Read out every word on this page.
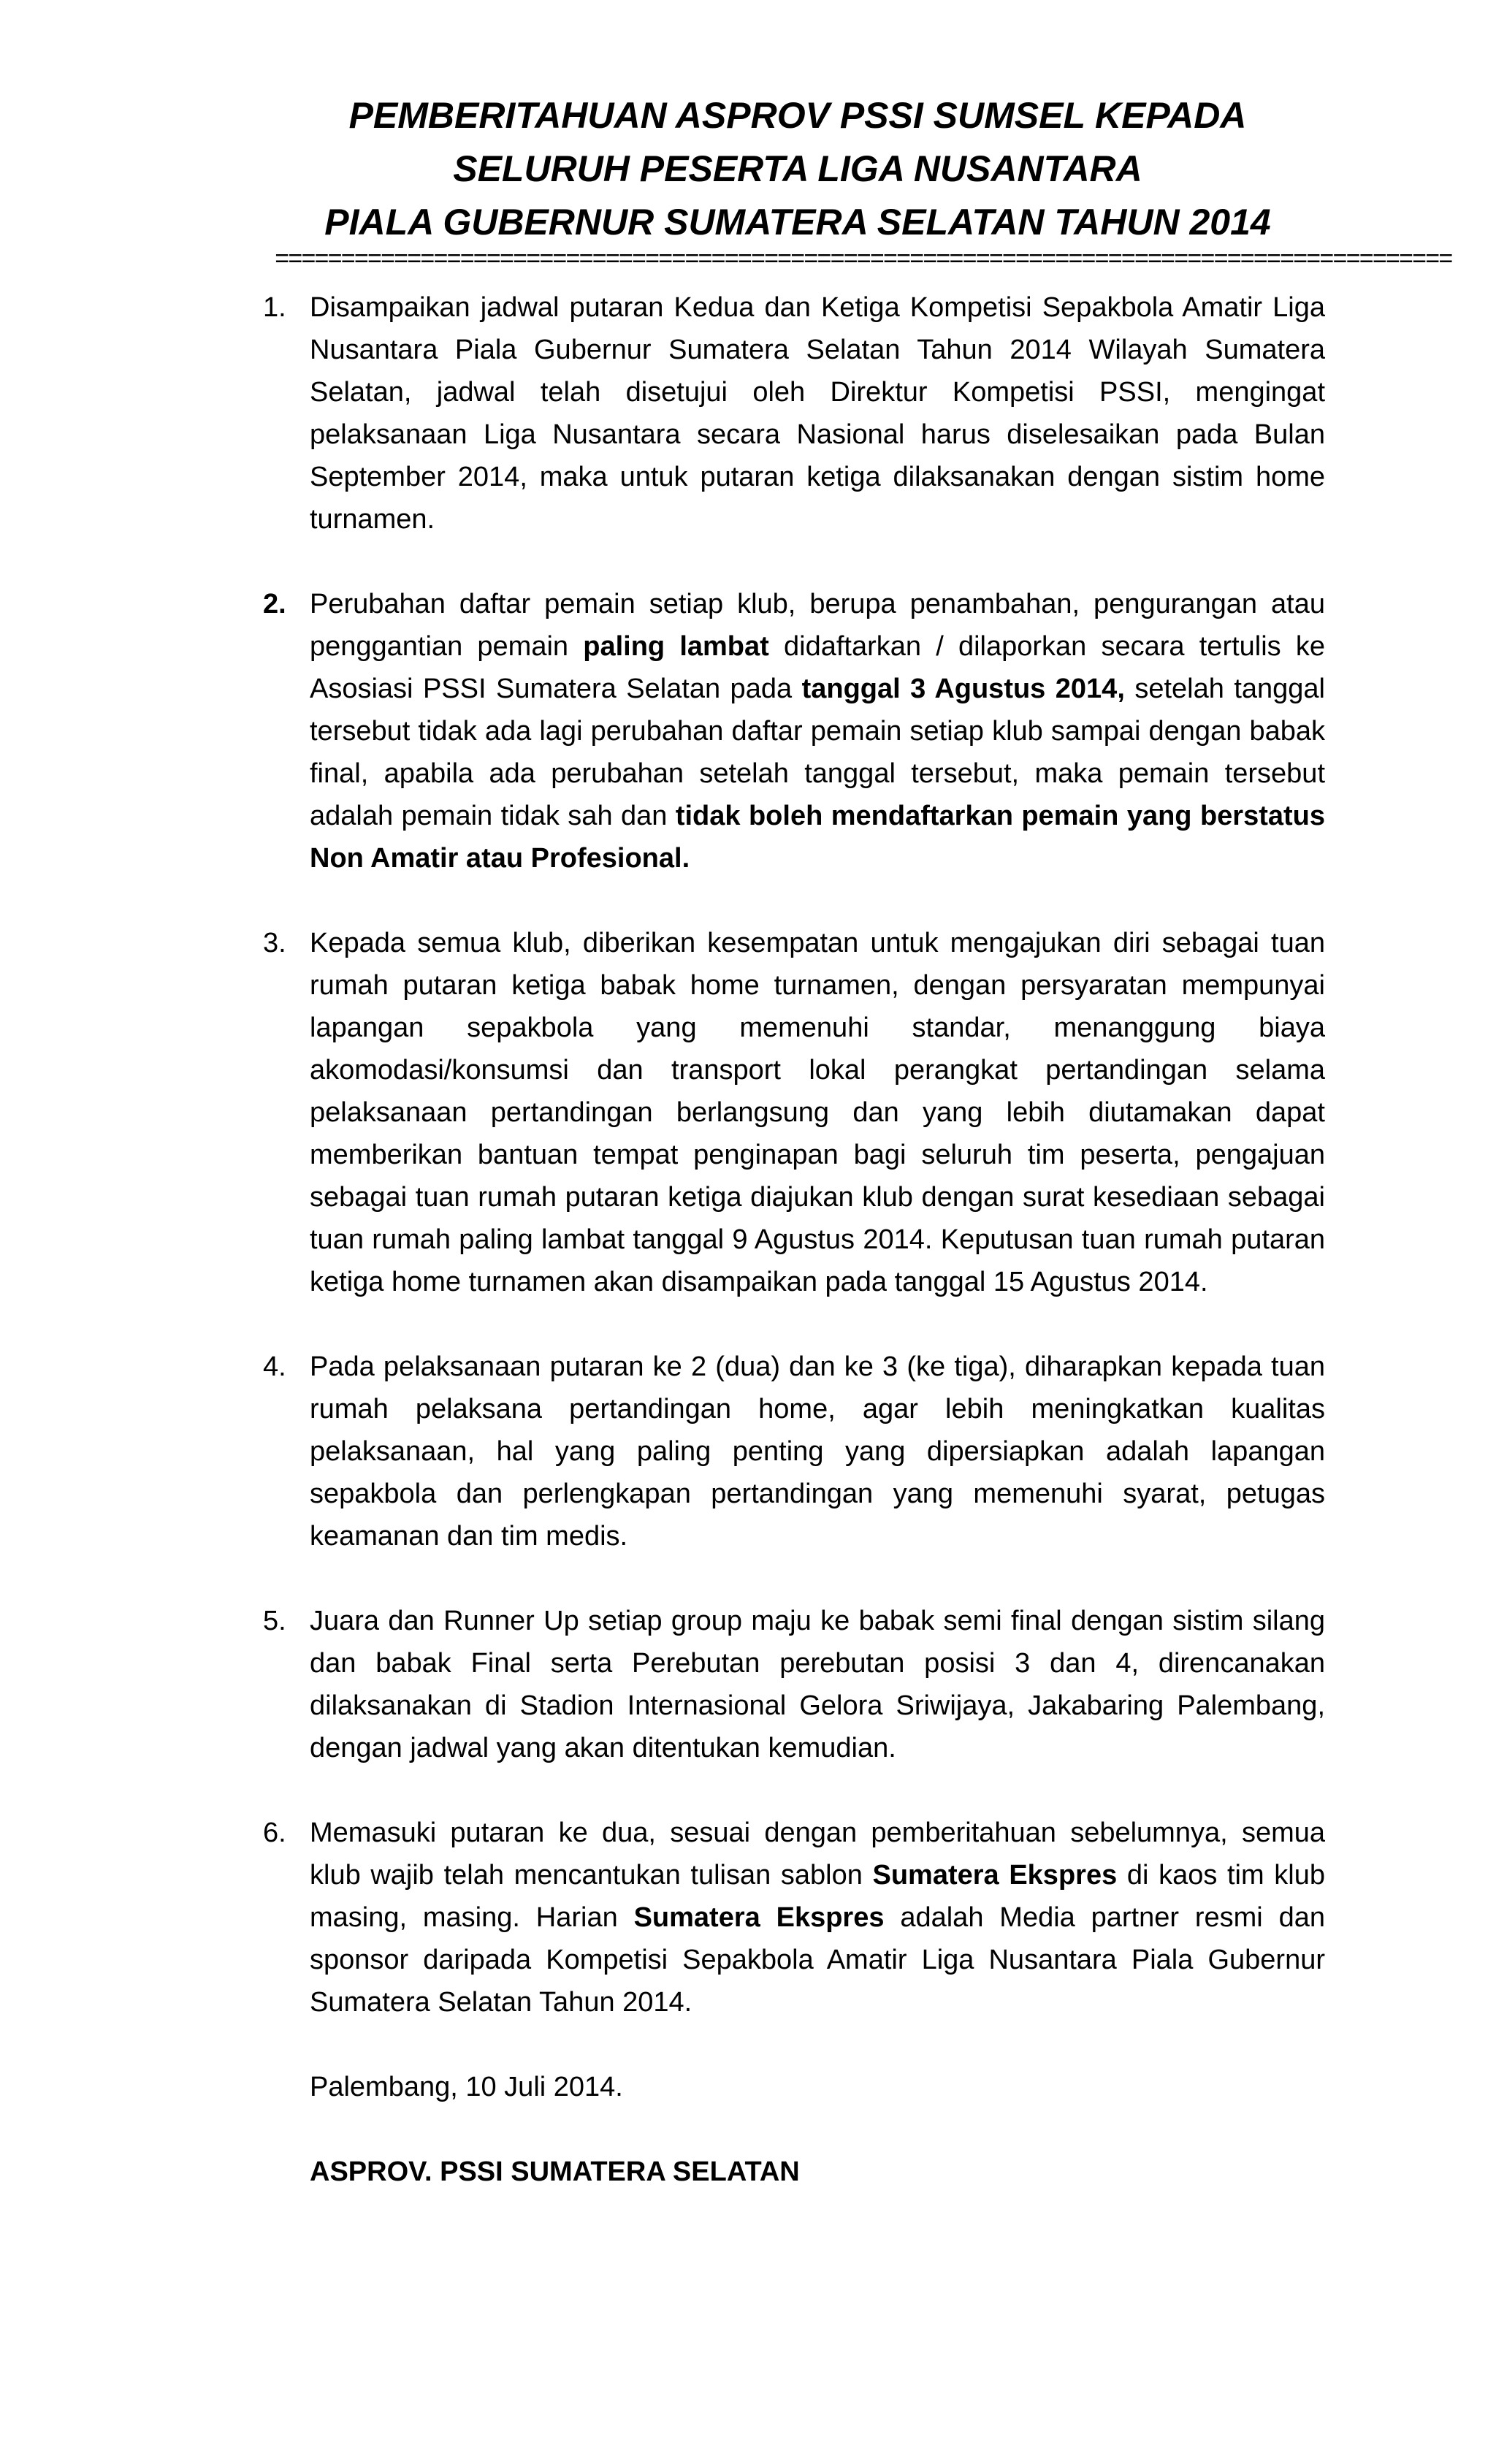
PEMBERITAHUAN ASPROV PSSI SUMSEL KEPADA
SELURUH PESERTA LIGA NUSANTARA
PIALA GUBERNUR SUMATERA SELATAN TAHUN 2014
=========================================================================================
1. Disampaikan jadwal putaran Kedua dan Ketiga Kompetisi Sepakbola Amatir Liga Nusantara Piala Gubernur Sumatera Selatan Tahun 2014 Wilayah Sumatera Selatan, jadwal telah disetujui oleh Direktur Kompetisi PSSI, mengingat pelaksanaan Liga Nusantara secara Nasional harus diselesaikan pada Bulan September 2014, maka untuk putaran ketiga dilaksanakan dengan sistim home turnamen.
2. Perubahan daftar pemain setiap klub, berupa penambahan, pengurangan atau penggantian pemain paling lambat didaftarkan / dilaporkan secara tertulis ke Asosiasi PSSI Sumatera Selatan pada tanggal 3 Agustus 2014, setelah tanggal tersebut tidak ada lagi perubahan daftar pemain setiap klub sampai dengan babak final, apabila ada perubahan setelah tanggal tersebut, maka pemain tersebut adalah pemain tidak sah dan tidak boleh mendaftarkan pemain yang berstatus Non Amatir atau Profesional.
3. Kepada semua klub, diberikan kesempatan untuk mengajukan diri sebagai tuan rumah putaran ketiga babak home turnamen, dengan persyaratan mempunyai lapangan sepakbola yang memenuhi standar, menanggung biaya akomodasi/konsumsi dan transport lokal perangkat pertandingan selama pelaksanaan pertandingan berlangsung dan yang lebih diutamakan dapat memberikan bantuan tempat penginapan bagi seluruh tim peserta, pengajuan sebagai tuan rumah putaran ketiga diajukan klub dengan surat kesediaan sebagai tuan rumah paling lambat tanggal 9 Agustus 2014. Keputusan tuan rumah putaran ketiga home turnamen akan disampaikan pada tanggal 15 Agustus 2014.
4. Pada pelaksanaan putaran ke 2 (dua) dan ke 3 (ke tiga), diharapkan kepada tuan rumah pelaksana pertandingan home, agar lebih meningkatkan kualitas pelaksanaan, hal yang paling penting yang dipersiapkan adalah lapangan sepakbola dan perlengkapan pertandingan yang memenuhi syarat, petugas keamanan dan tim medis.
5. Juara dan Runner Up setiap group maju ke babak semi final dengan sistim silang dan babak Final serta Perebutan perebutan posisi 3 dan 4, direncanakan dilaksanakan di Stadion Internasional Gelora Sriwijaya, Jakabaring Palembang, dengan jadwal yang akan ditentukan kemudian.
6. Memasuki putaran ke dua, sesuai dengan pemberitahuan sebelumnya, semua klub wajib telah mencantukan tulisan sablon Sumatera Ekspres di kaos tim klub masing, masing. Harian Sumatera Ekspres adalah Media partner resmi dan sponsor daripada Kompetisi Sepakbola Amatir Liga Nusantara Piala Gubernur Sumatera Selatan Tahun 2014.
Palembang, 10 Juli 2014.
ASPROV. PSSI SUMATERA SELATAN
